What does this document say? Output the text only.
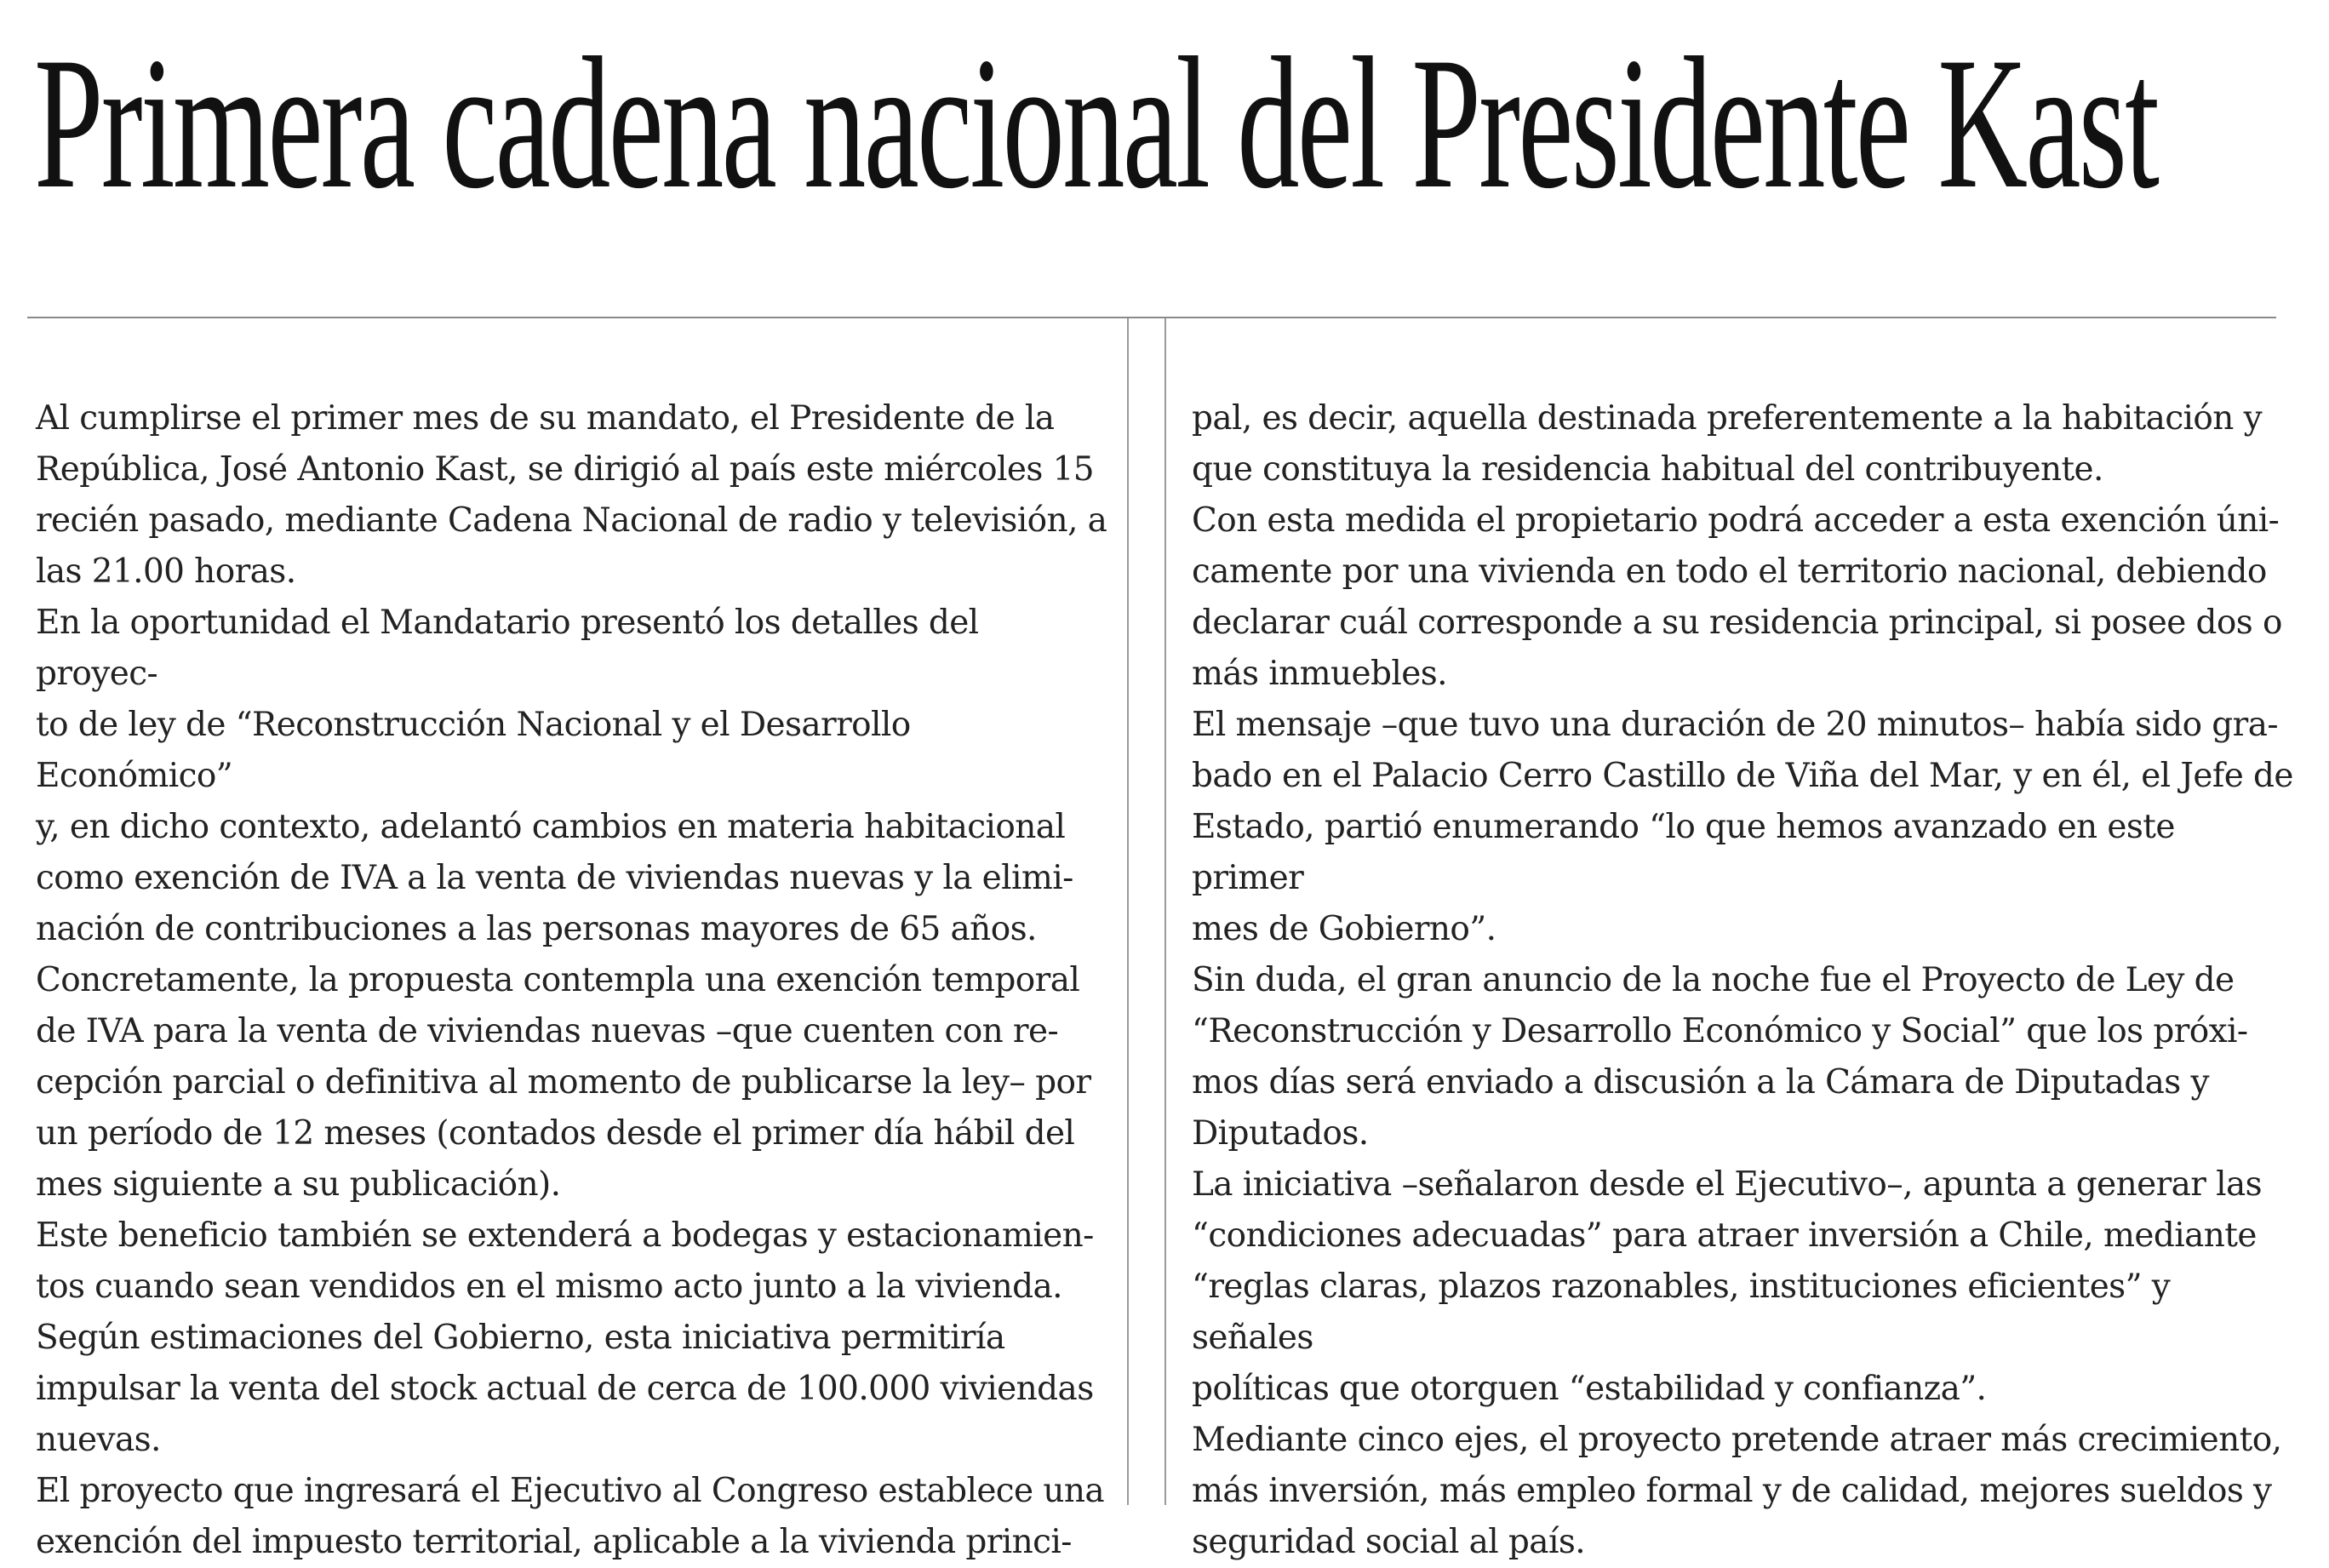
Primera cadena nacional del Presidente Kast

Al cumplirse el primer mes de su mandato, el Presidente de la

República, José Antonio Kast, se dirigió al país este miércoles 15

recién pasado, mediante Cadena Nacional de radio y televisión, a

las 21.00 horas.

En la oportunidad el Mandatario presentó los detalles del proyec-

to de ley de “Reconstrucción Nacional y el Desarrollo Económico”

y, en dicho contexto, adelantó cambios en materia habitacional

como exención de IVA a la venta de viviendas nuevas y la elimi-

nación de contribuciones a las personas mayores de 65 años.

Concretamente, la propuesta contempla una exención temporal

de IVA para la venta de viviendas nuevas –que cuenten con re-

cepción parcial o definitiva al momento de publicarse la ley– por

un período de 12 meses (contados desde el primer día hábil del

mes siguiente a su publicación).

Este beneficio también se extenderá a bodegas y estacionamien-

tos cuando sean vendidos en el mismo acto junto a la vivienda.

Según estimaciones del Gobierno, esta iniciativa permitiría

impulsar la venta del stock actual de cerca de 100.000 viviendas

nuevas.

El proyecto que ingresará el Ejecutivo al Congreso establece una

exención del impuesto territorial, aplicable a la vivienda princi-

pal, es decir, aquella destinada preferentemente a la habitación y

que constituya la residencia habitual del contribuyente.

Con esta medida el propietario podrá acceder a esta exención úni-

camente por una vivienda en todo el territorio nacional, debiendo

declarar cuál corresponde a su residencia principal, si posee dos o

más inmuebles.

El mensaje –que tuvo una duración de 20 minutos– había sido gra-

bado en el Palacio Cerro Castillo de Viña del Mar, y en él, el Jefe de

Estado, partió enumerando “lo que hemos avanzado en este primer

mes de Gobierno”.

Sin duda, el gran anuncio de la noche fue el Proyecto de Ley de

“Reconstrucción y Desarrollo Económico y Social” que los próxi-

mos días será enviado a discusión a la Cámara de Diputadas y

Diputados.

La iniciativa –señalaron desde el Ejecutivo–, apunta a generar las

“condiciones adecuadas” para atraer inversión a Chile, mediante

“reglas claras, plazos razonables, instituciones eficientes” y señales

políticas que otorguen “estabilidad y confianza”.

Mediante cinco ejes, el proyecto pretende atraer más crecimiento,

más inversión, más empleo formal y de calidad, mejores sueldos y

seguridad social al país.
